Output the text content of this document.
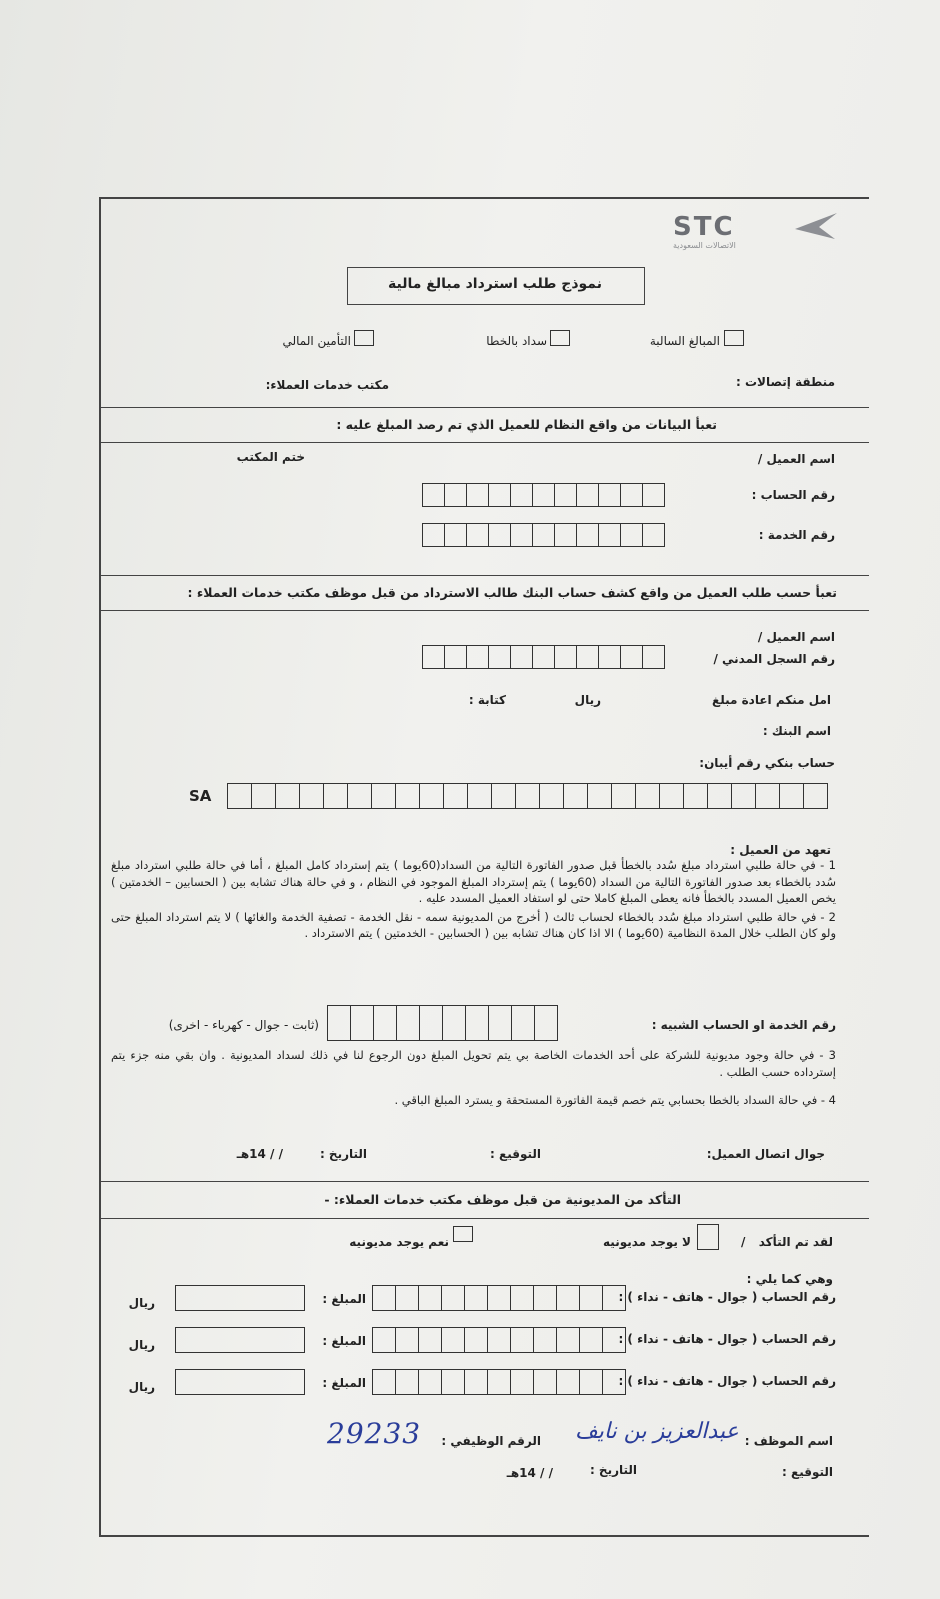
STC
الاتصالات السعودية
نموذج طلب استرداد مبالغ مالية
المبالغ السالبة
سداد بالخطا
التأمين المالي
منطقة إتصالات :
مكتب خدمات العملاء:
تعبأ البيانات من واقع النظام للعميل الذي تم رصد المبلغ عليه :
اسم العميل /
ختم المكتب
رقم الحساب :
رقم الخدمة :
تعبأ حسب طلب العميل من واقع كشف حساب البنك طالب الاسترداد من قبل موظف مكتب خدمات العملاء :
اسم العميل /
رقم السجل المدني /
امل منكم اعادة مبلغ
ريال
كتابة :
اسم البنك :
حساب بنكي رقم أيبان:
SA
تعهد من العميل :

1 - في حالة طلبي استرداد مبلغ سُدد بالخطأ قبل صدور الفاتورة التالية من السداد(60يوما ) يتم إسترداد كامل المبلغ ، أما في حالة طلبي استرداد مبلغ سُدد بالخطاء بعد صدور الفاتورة التالية من السداد (60يوما ) يتم إسترداد المبلغ الموجود في النظام ، و في حالة هناك تشابه بين ( الحسابين – الخدمتين ) يخص العميل المسدد بالخطأ فانه يعطى المبلغ كاملا حتى لو استفاد العميل المسدد عليه .

2 - في حالة طلبي استرداد مبلغ سُدد بالخطاء لحساب ثالث ( أخرج من المديونية سمه - نقل الخدمة - تصفية الخدمة والغائها ) لا يتم استرداد المبلغ حتى ولو كان الطلب خلال المدة النظامية (60يوما ) الا اذا كان هناك تشابه بين ( الحسابين - الخدمتين ) يتم الاسترداد .

رقم الخدمة او الحساب الشبيه :
(ثابت - جوال - كهرباء - اخرى)

3 - في حالة وجود مديونية للشركة على أحد الخدمات الخاصة بي يتم تحويل المبلغ دون الرجوع لنا في ذلك لسداد المديونية . وان بقي منه جزء يتم إسترداده حسب الطلب .

4 - في حالة السداد بالخطا بحسابي يتم خصم قيمة الفاتورة المستحقة و يسترد المبلغ الباقي .

جوال اتصال العميل:
التوقيع :
التاريخ :
/ / 14هـ
التأكد من المديونية من قبل موظف مكتب خدمات العملاء: -
لقد تم التأكد
/
لا يوجد مديونيه
نعم يوجد مديونيه
وهي كما يلي :
رقم الحساب ( جوال - هاتف - نداء ) :
المبلغ :
ريال
رقم الحساب ( جوال - هاتف - نداء ) :
المبلغ :
ريال
رقم الحساب ( جوال - هاتف - نداء ) :
المبلغ :
ريال
اسم الموظف :
عبدالعزيز بن نايف
الرقم الوظيفي :
29233
التوقيع :
التاريخ :
/ / 14هـ
